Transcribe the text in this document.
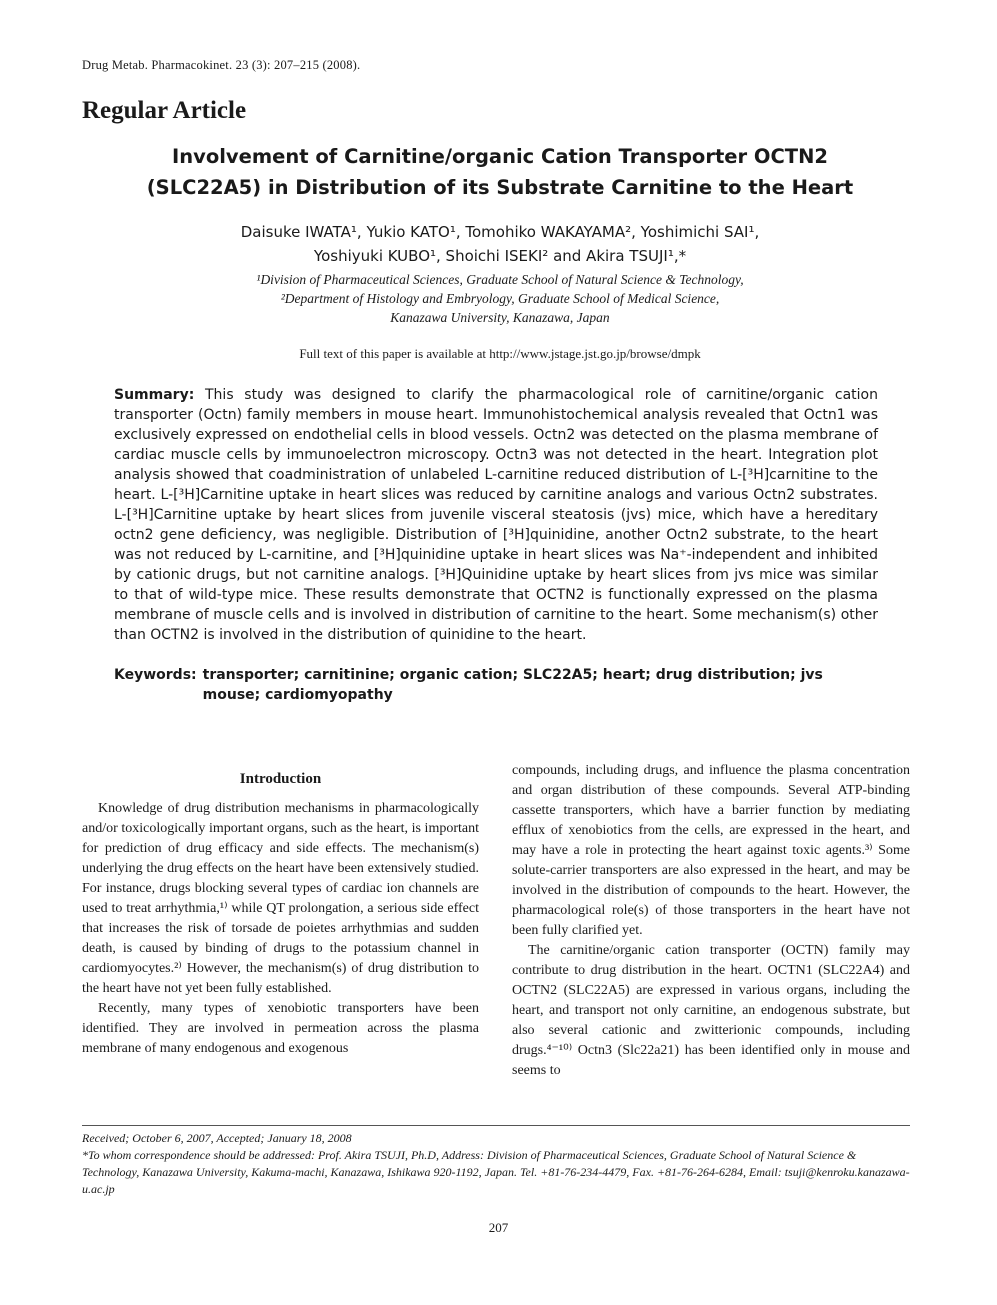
Drug Metab. Pharmacokinet. 23 (3): 207–215 (2008).
Regular Article
Involvement of Carnitine/organic Cation Transporter OCTN2
(SLC22A5) in Distribution of its Substrate Carnitine to the Heart
Daisuke IWATA¹, Yukio KATO¹, Tomohiko WAKAYAMA², Yoshimichi SAI¹,
Yoshiyuki KUBO¹, Shoichi ISEKI² and Akira TSUJI¹,*
¹Division of Pharmaceutical Sciences, Graduate School of Natural Science & Technology,
²Department of Histology and Embryology, Graduate School of Medical Science,
Kanazawa University, Kanazawa, Japan
Full text of this paper is available at http://www.jstage.jst.go.jp/browse/dmpk
Summary: This study was designed to clarify the pharmacological role of carnitine/organic cation transporter (Octn) family members in mouse heart. Immunohistochemical analysis revealed that Octn1 was exclusively expressed on endothelial cells in blood vessels. Octn2 was detected on the plasma membrane of cardiac muscle cells by immunoelectron microscopy. Octn3 was not detected in the heart. Integration plot analysis showed that coadministration of unlabeled L-carnitine reduced distribution of L-[³H]carnitine to the heart. L-[³H]Carnitine uptake in heart slices was reduced by carnitine analogs and various Octn2 substrates. L-[³H]Carnitine uptake by heart slices from juvenile visceral steatosis (jvs) mice, which have a hereditary octn2 gene deficiency, was negligible. Distribution of [³H]quinidine, another Octn2 substrate, to the heart was not reduced by L-carnitine, and [³H]quinidine uptake in heart slices was Na⁺-independent and inhibited by cationic drugs, but not carnitine analogs. [³H]Quinidine uptake by heart slices from jvs mice was similar to that of wild-type mice. These results demonstrate that OCTN2 is functionally expressed on the plasma membrane of muscle cells and is involved in distribution of carnitine to the heart. Some mechanism(s) other than OCTN2 is involved in the distribution of quinidine to the heart.
Keywords: transporter; carnitinine; organic cation; SLC22A5; heart; drug distribution; jvs mouse; cardiomyopathy
Introduction

Knowledge of drug distribution mechanisms in pharmacologically and/or toxicologically important organs, such as the heart, is important for prediction of drug efficacy and side effects. The mechanism(s) underlying the drug effects on the heart have been extensively studied. For instance, drugs blocking several types of cardiac ion channels are used to treat arrhythmia,¹⁾ while QT prolongation, a serious side effect that increases the risk of torsade de poietes arrhythmias and sudden death, is caused by binding of drugs to the potassium channel in cardiomyocytes.²⁾ However, the mechanism(s) of drug distribution to the heart have not yet been fully established.

Recently, many types of xenobiotic transporters have been identified. They are involved in permeation across the plasma membrane of many endogenous and exogenous

compounds, including drugs, and influence the plasma concentration and organ distribution of these compounds. Several ATP-binding cassette transporters, which have a barrier function by mediating efflux of xenobiotics from the cells, are expressed in the heart, and may have a role in protecting the heart against toxic agents.³⁾ Some solute-carrier transporters are also expressed in the heart, and may be involved in the distribution of compounds to the heart. However, the pharmacological role(s) of those transporters in the heart have not been fully clarified yet.

The carnitine/organic cation transporter (OCTN) family may contribute to drug distribution in the heart. OCTN1 (SLC22A4) and OCTN2 (SLC22A5) are expressed in various organs, including the heart, and transport not only carnitine, an endogenous substrate, but also several cationic and zwitterionic compounds, including drugs.⁴⁻¹⁰⁾ Octn3 (Slc22a21) has been identified only in mouse and seems to

Received; October 6, 2007, Accepted; January 18, 2008
*To whom correspondence should be addressed: Prof. Akira TSUJI, Ph.D, Address: Division of Pharmaceutical Sciences, Graduate School of Natural Science & Technology, Kanazawa University, Kakuma-machi, Kanazawa, Ishikawa 920-1192, Japan. Tel. +81-76-234-4479, Fax. +81-76-264-6284, Email: tsuji@kenroku.kanazawa-u.ac.jp
207
